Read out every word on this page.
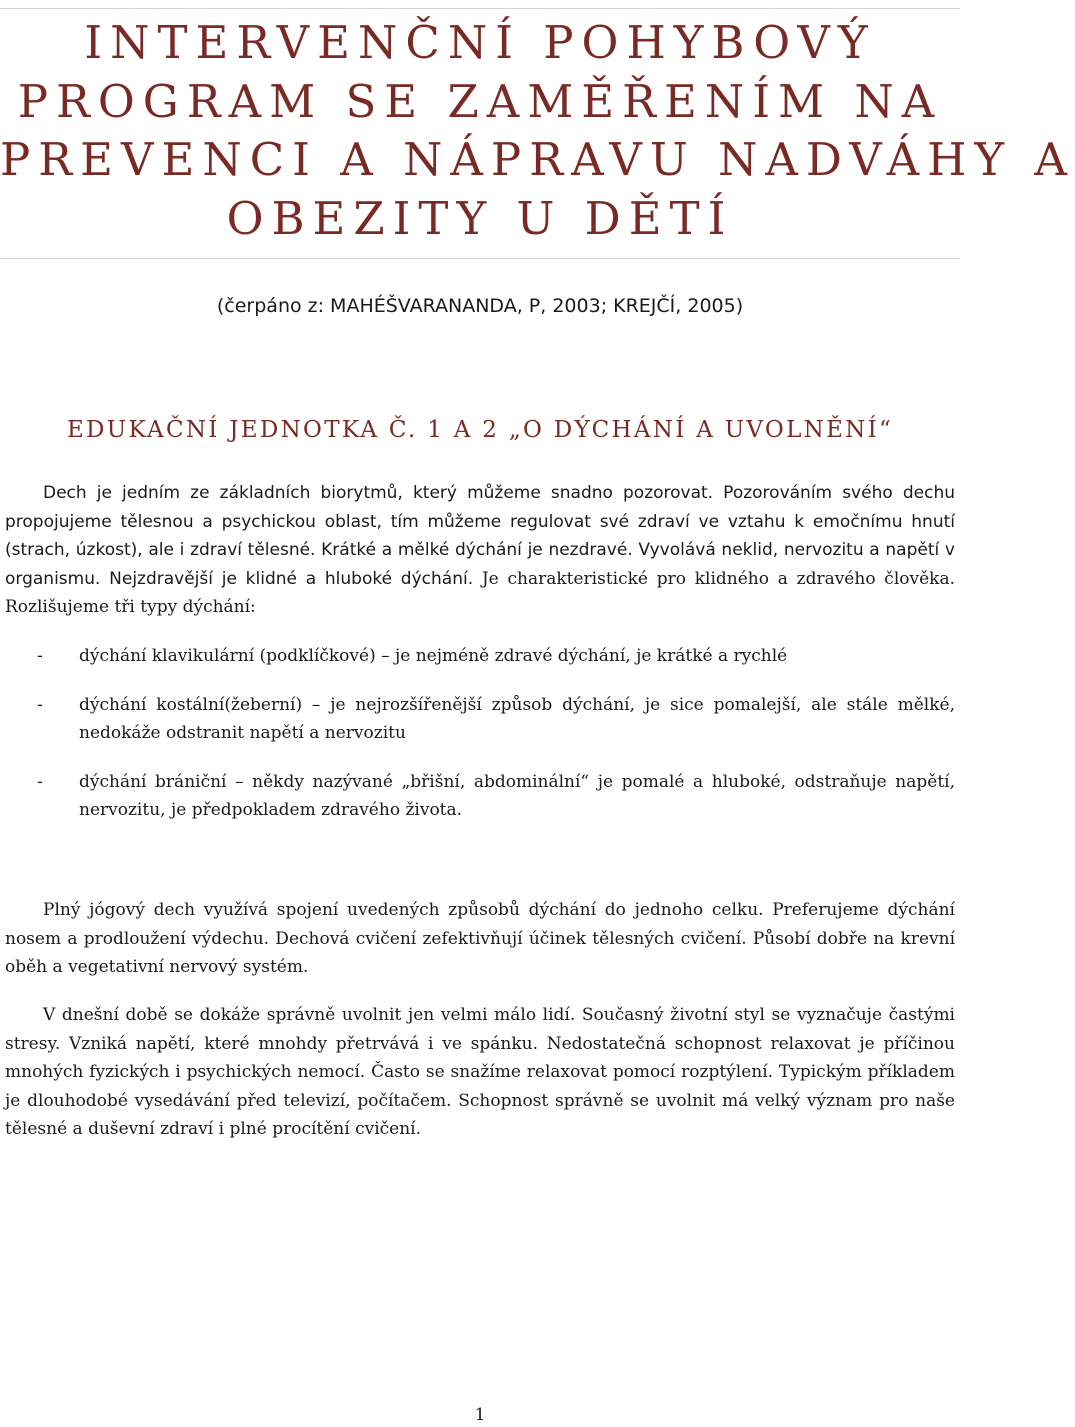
INTERVENČNÍ POHYBOVÝ
PROGRAM SE ZAMĚŘENÍM NA
PREVENCI A NÁPRAVU NADVÁHY A
OBEZITY U DĚTÍ
(čerpáno z: MAHÉŠVARANANDA, P, 2003; KREJČÍ, 2005)
EDUKAČNÍ JEDNOTKA Č. 1 A 2 „O DÝCHÁNÍ A UVOLNĚNÍ“

Dech je jedním ze základních biorytmů, který můžeme snadno pozorovat. Pozorováním svého dechu propojujeme tělesnou a psychickou oblast, tím můžeme regulovat své zdraví ve vztahu k emočnímu hnutí (strach, úzkost), ale i zdraví tělesné. Krátké a mělké dýchání je nezdravé. Vyvolává neklid, nervozitu a napětí v organismu. Nejzdravější je klidné a hluboké dýchání. Je charakteristické pro klidného a zdravého člověka. Rozlišujeme tři typy dýchání:

- dýchání klavikulární (podklíčkové) – je nejméně zdravé dýchání, je krátké a rychlé
- dýchání kostální(žeberní) – je nejrozšířenější způsob dýchání, je sice pomalejší, ale stále mělké, nedokáže odstranit napětí a nervozitu
- dýchání brániční – někdy nazývané „břišní, abdominální“ je pomalé a hluboké, odstraňuje napětí, nervozitu, je předpokladem zdravého života.

Plný jógový dech využívá spojení uvedených způsobů dýchání do jednoho celku. Preferujeme dýchání nosem a prodloužení výdechu. Dechová cvičení zefektivňují účinek tělesných cvičení. Působí dobře na krevní oběh a vegetativní nervový systém.

V dnešní době se dokáže správně uvolnit jen velmi málo lidí. Současný životní styl se vyznačuje častými stresy. Vzniká napětí, které mnohdy přetrvává i ve spánku. Nedostatečná schopnost relaxovat je příčinou mnohých fyzických i psychických nemocí. Často se snažíme relaxovat pomocí rozptýlení. Typickým příkladem je dlouhodobé vysedávání před televizí, počítačem. Schopnost správně se uvolnit má velký význam pro naše tělesné a duševní zdraví i plné procítění cvičení.

1
